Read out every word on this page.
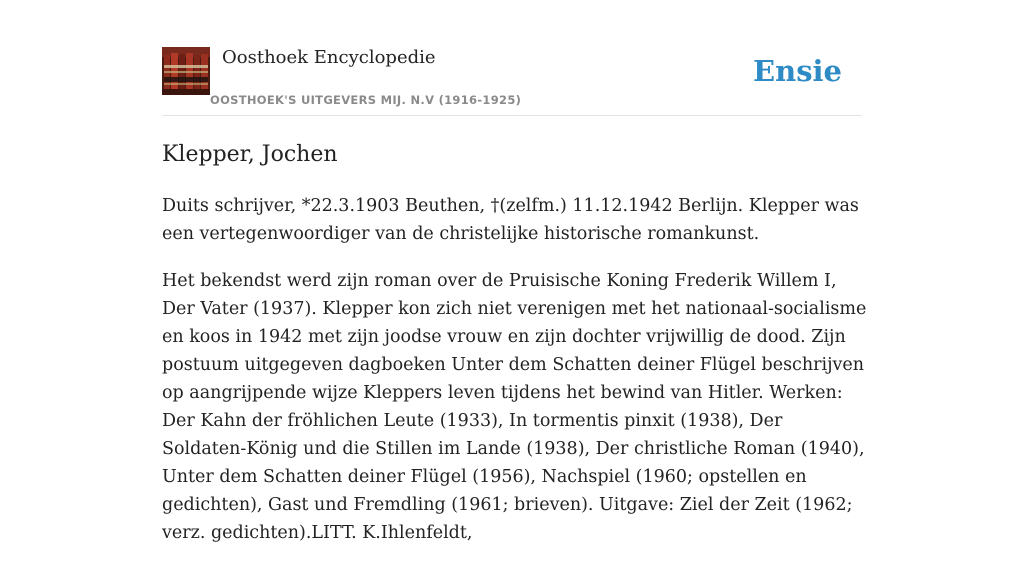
Oosthoek Encyclopedie
OOSTHOEK'S UITGEVERS MIJ. N.V (1916-1925)
Ensie
Klepper, Jochen

Duits schrijver, *22.3.1903 Beuthen, †(zelfm.) 11.12.1942 Berlijn. Klepper was een vertegenwoordiger van de christelijke historische romankunst.

Het bekendst werd zijn roman over de Pruisische Koning Frederik Willem I, Der Vater (1937). Klepper kon zich niet verenigen met het nationaal-socialisme en koos in 1942 met zijn joodse vrouw en zijn dochter vrijwillig de dood. Zijn postuum uitgegeven dagboeken Unter dem Schatten deiner Flügel beschrijven op aangrijpende wijze Kleppers leven tijdens het bewind van Hitler. Werken: Der Kahn der fröhlichen Leute (1933), In tormentis pinxit (1938), Der Soldaten-König und die Stillen im Lande (1938), Der christliche Roman (1940), Unter dem Schatten deiner Flügel (1956), Nachspiel (1960; opstellen en gedichten), Gast und Fremdling (1961; brieven). Uitgave: Ziel der Zeit (1962; verz. gedichten).LITT. K.Ihlenfeldt,
